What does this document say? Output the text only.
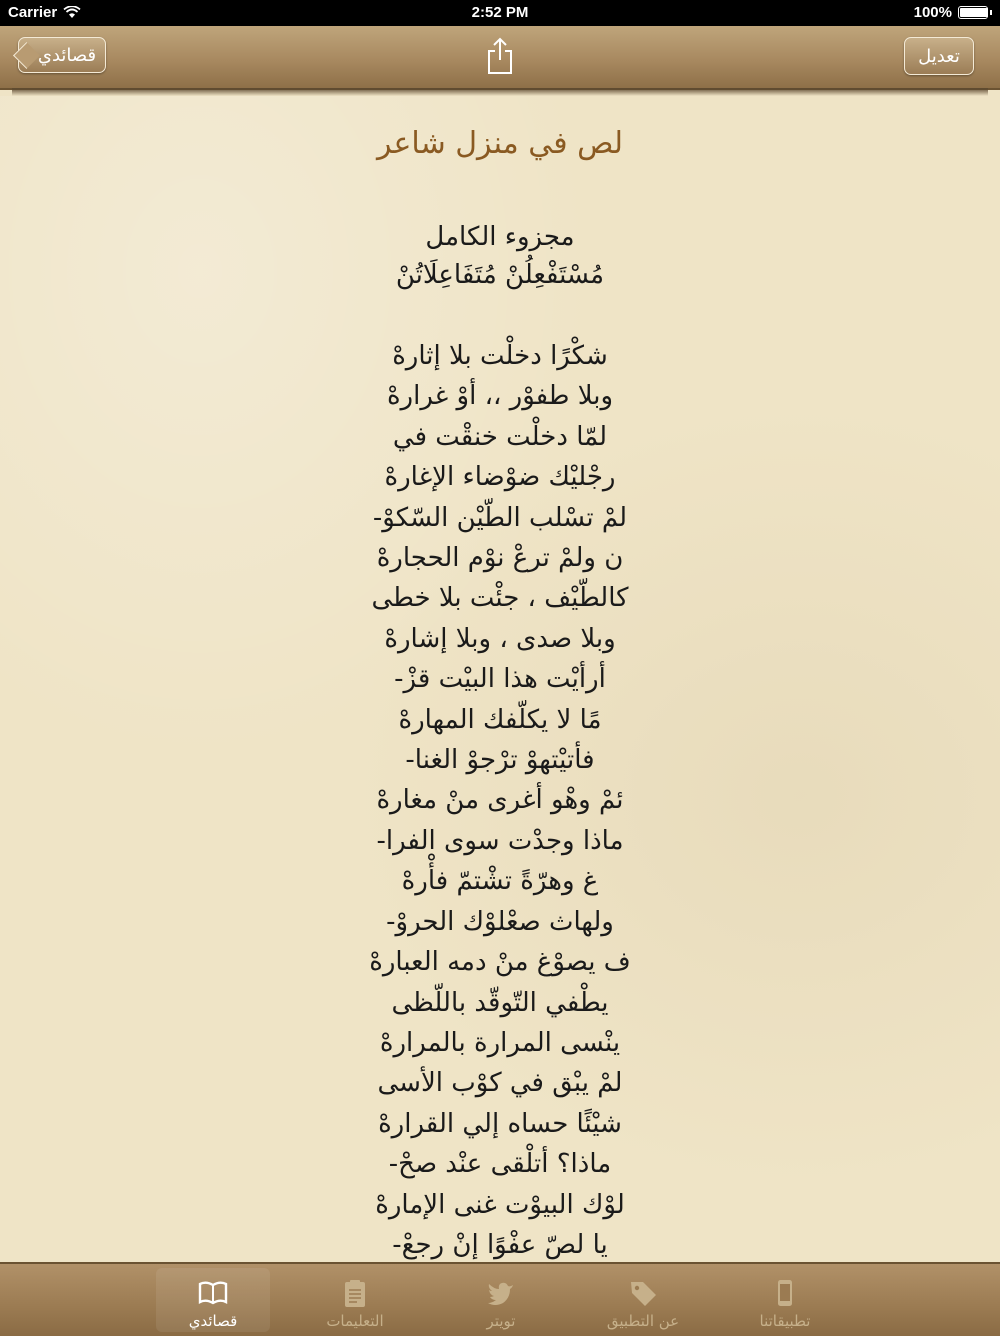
Carrier	2:52 PM	100%
قصائدي	تعديل
لص في منزل شاعر
مجزوء الكامل
مُسْتَفْعِلُنْ مُتَفَاعِلَاتُنْ
شكْرًا دخلْت بلا إثارهْ
وبلا طفوْر ،، أوْ غرارهْ
لمّا دخلْت خنقْت في
رجْليْك ضوْضاء الإغارهْ
لمْ تسْلب الطّيْن السّكوْ-
ن ولمْ ترعْ نوْم الحجارهْ
كالطّيْف ، جئْت بلا خطى
وبلا صدى ، وبلا إشارهْ
أرأيْت هذا البيْت قزْ-
مًا لا يكلّفك المهارهْ
فأتيْتهوْ ترْجوْ الغنا-
ئمْ وهْو أغرى منْ مغارهْ
ماذا وجدْت سوى الفرا-
غ وهرّةً تشْتمّ فأْرهْ
ولهاث صعْلوْك الحروْ-
ف يصوْغ منْ دمه العبارهْ
يطْفي التّوقّد باللّظى
ينْسى المرارة بالمرارهْ
لمْ يبْق في كوْب الأسى
شيْئًا حساه إلي القرارهْ
ماذا؟ أتلْقى عنْد صحْ-
لوْك البيوْت غنى الإمارهْ
يا لصّ عفْوًا إنْ رجعْ-
تطبيقاتنا
عن التطبيق
تويتر
التعليمات
قصائدي
